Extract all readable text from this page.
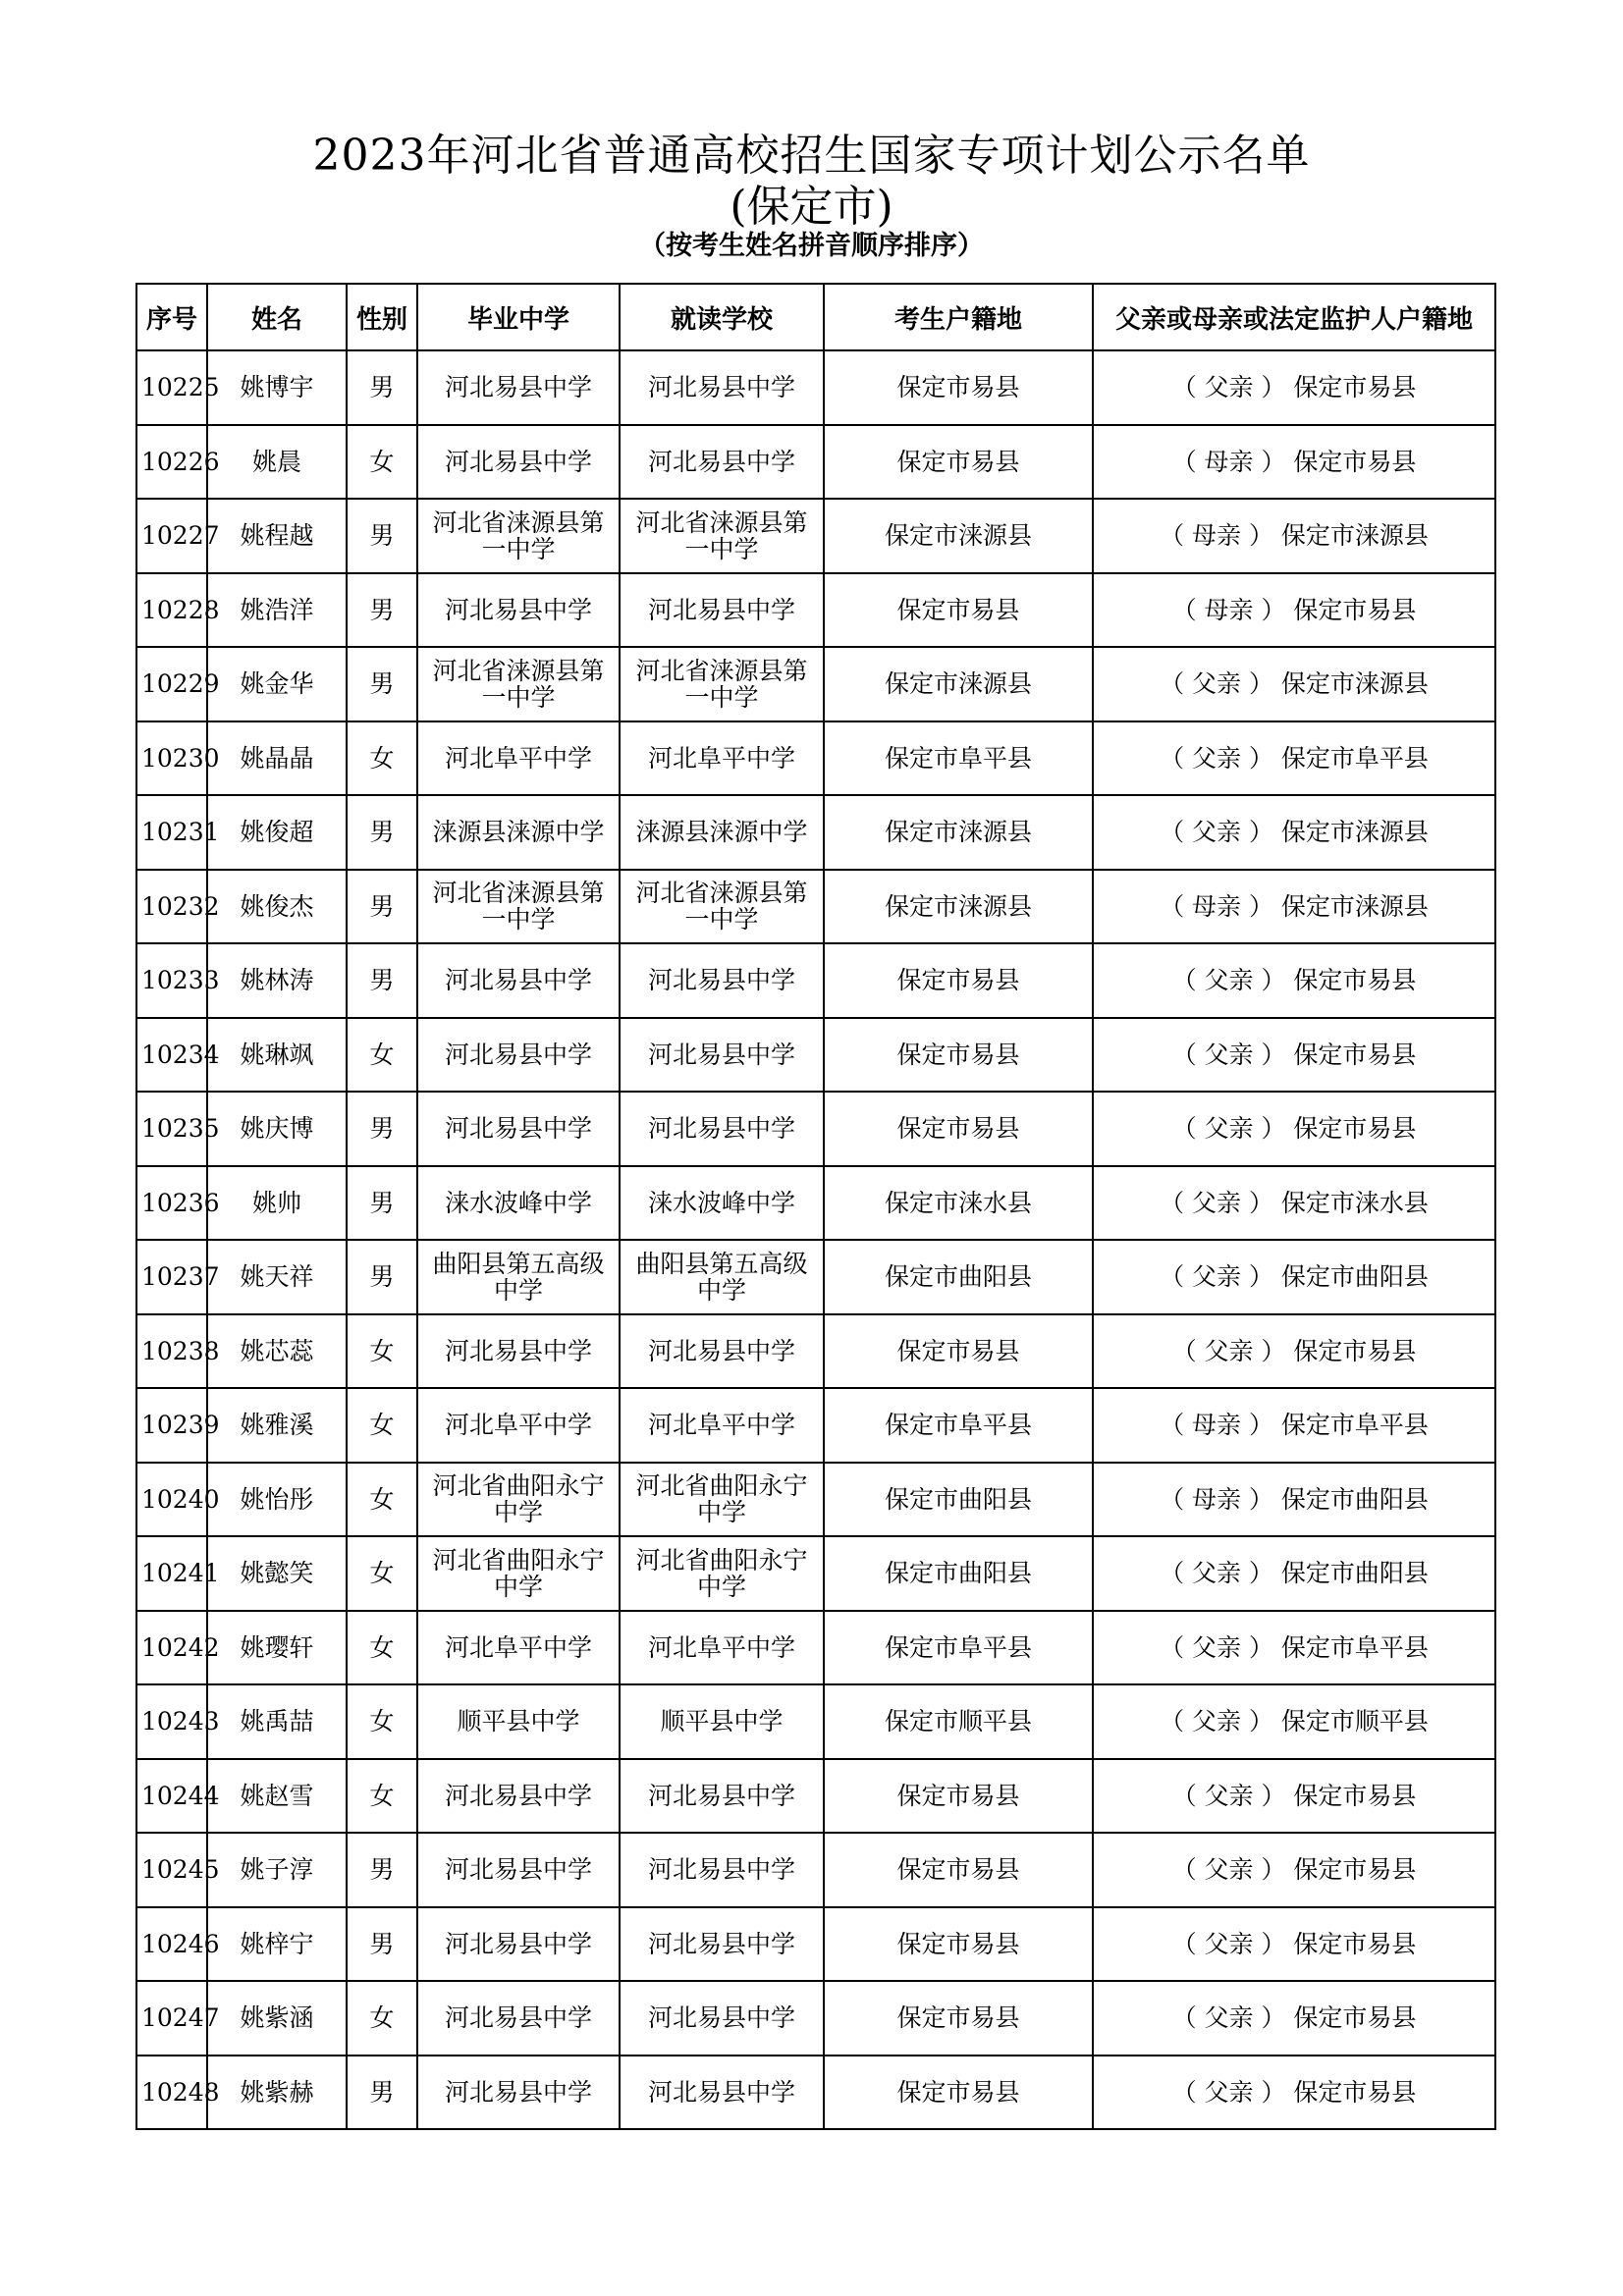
2023年河北省普通高校招生国家专项计划公示名单
(保定市)
（按考生姓名拼音顺序排序）
序号	姓名	性别	毕业中学	就读学校	考生户籍地	父亲或母亲或法定监护人户籍地
10225	姚博宇	男	河北易县中学	河北易县中学	保定市易县	（ 父亲 ） 保定市易县
10226	姚晨	女	河北易县中学	河北易县中学	保定市易县	（ 母亲 ） 保定市易县
10227	姚程越	男	河北省涞源县第一中学	河北省涞源县第一中学	保定市涞源县	（ 母亲 ） 保定市涞源县
10228	姚浩洋	男	河北易县中学	河北易县中学	保定市易县	（ 母亲 ） 保定市易县
10229	姚金华	男	河北省涞源县第一中学	河北省涞源县第一中学	保定市涞源县	（ 父亲 ） 保定市涞源县
10230	姚晶晶	女	河北阜平中学	河北阜平中学	保定市阜平县	（ 父亲 ） 保定市阜平县
10231	姚俊超	男	涞源县涞源中学	涞源县涞源中学	保定市涞源县	（ 父亲 ） 保定市涞源县
10232	姚俊杰	男	河北省涞源县第一中学	河北省涞源县第一中学	保定市涞源县	（ 母亲 ） 保定市涞源县
10233	姚林涛	男	河北易县中学	河北易县中学	保定市易县	（ 父亲 ） 保定市易县
10234	姚琳飒	女	河北易县中学	河北易县中学	保定市易县	（ 父亲 ） 保定市易县
10235	姚庆博	男	河北易县中学	河北易县中学	保定市易县	（ 父亲 ） 保定市易县
10236	姚帅	男	涞水波峰中学	涞水波峰中学	保定市涞水县	（ 父亲 ） 保定市涞水县
10237	姚天祥	男	曲阳县第五高级中学	曲阳县第五高级中学	保定市曲阳县	（ 父亲 ） 保定市曲阳县
10238	姚芯蕊	女	河北易县中学	河北易县中学	保定市易县	（ 父亲 ） 保定市易县
10239	姚雅溪	女	河北阜平中学	河北阜平中学	保定市阜平县	（ 母亲 ） 保定市阜平县
10240	姚怡彤	女	河北省曲阳永宁中学	河北省曲阳永宁中学	保定市曲阳县	（ 母亲 ） 保定市曲阳县
10241	姚懿笑	女	河北省曲阳永宁中学	河北省曲阳永宁中学	保定市曲阳县	（ 父亲 ） 保定市曲阳县
10242	姚璎轩	女	河北阜平中学	河北阜平中学	保定市阜平县	（ 父亲 ） 保定市阜平县
10243	姚禹喆	女	顺平县中学	顺平县中学	保定市顺平县	（ 父亲 ） 保定市顺平县
10244	姚赵雪	女	河北易县中学	河北易县中学	保定市易县	（ 父亲 ） 保定市易县
10245	姚子淳	男	河北易县中学	河北易县中学	保定市易县	（ 父亲 ） 保定市易县
10246	姚梓宁	男	河北易县中学	河北易县中学	保定市易县	（ 父亲 ） 保定市易县
10247	姚紫涵	女	河北易县中学	河北易县中学	保定市易县	（ 父亲 ） 保定市易县
10248	姚紫赫	男	河北易县中学	河北易县中学	保定市易县	（ 父亲 ） 保定市易县
